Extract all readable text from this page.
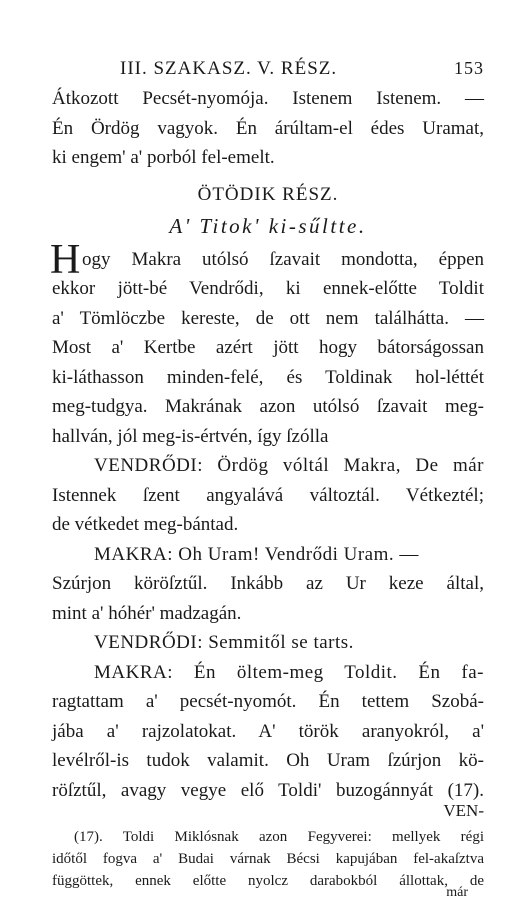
III. SZAKASZ. V. RÉSZ.	153
Átkozott Pecsét-nyomója. Istenem Istenem. —
Én Ördög vagyok. Én árúltam-el édes Uramat,
ki engem' a' porból fel-emelt.
ÖTÖDIK RÉSZ.
A' Titok' ki-sűltte.
H ogy Makra utólsó ſzavait mondotta, éppen
ekkor jött-bé Vendrődi, ki ennek-előtte Toldit
a' Tömlöczbe kereste, de ott nem találhátta. —
Most a' Kertbe azért jött hogy bátorságossan
ki-láthasson minden-felé, és Toldinak hol-léttét
meg-tudgya. Makrának azon utólsó ſzavait meg-
hallván, jól meg-is-értvén, így ſzólla
VENDRŐDI: Ördög vóltál Makra, De már
Istennek ſzent angyalává változtál. Vétkeztél;
de vétkedet meg-bántad.
MAKRA: Oh Uram! Vendrődi Uram. —
Szúrjon köröſztűl. Inkább az Ur keze által,
mint a' hóhér' madzagán.
VENDRŐDI: Semmitől se tarts.
MAKRA: Én öltem-meg Toldit. Én fa-
ragtattam a' pecsét-nyomót. Én tettem Szobá-
jába a' rajzolatokat. A' török aranyokról, a'
levélről-is tudok valamit. Oh Uram ſzúrjon kö-
röſztűl, avagy vegye elő Toldi' buzogánnyát (17).
VEN-
(17). Toldi Miklósnak azon Fegyverei: mellyek régi
időtől fogva a' Budai várnak Bécsi kapujában fel-akaſztva
függöttek, ennek előtte nyolcz darabokból állottak, de
már
